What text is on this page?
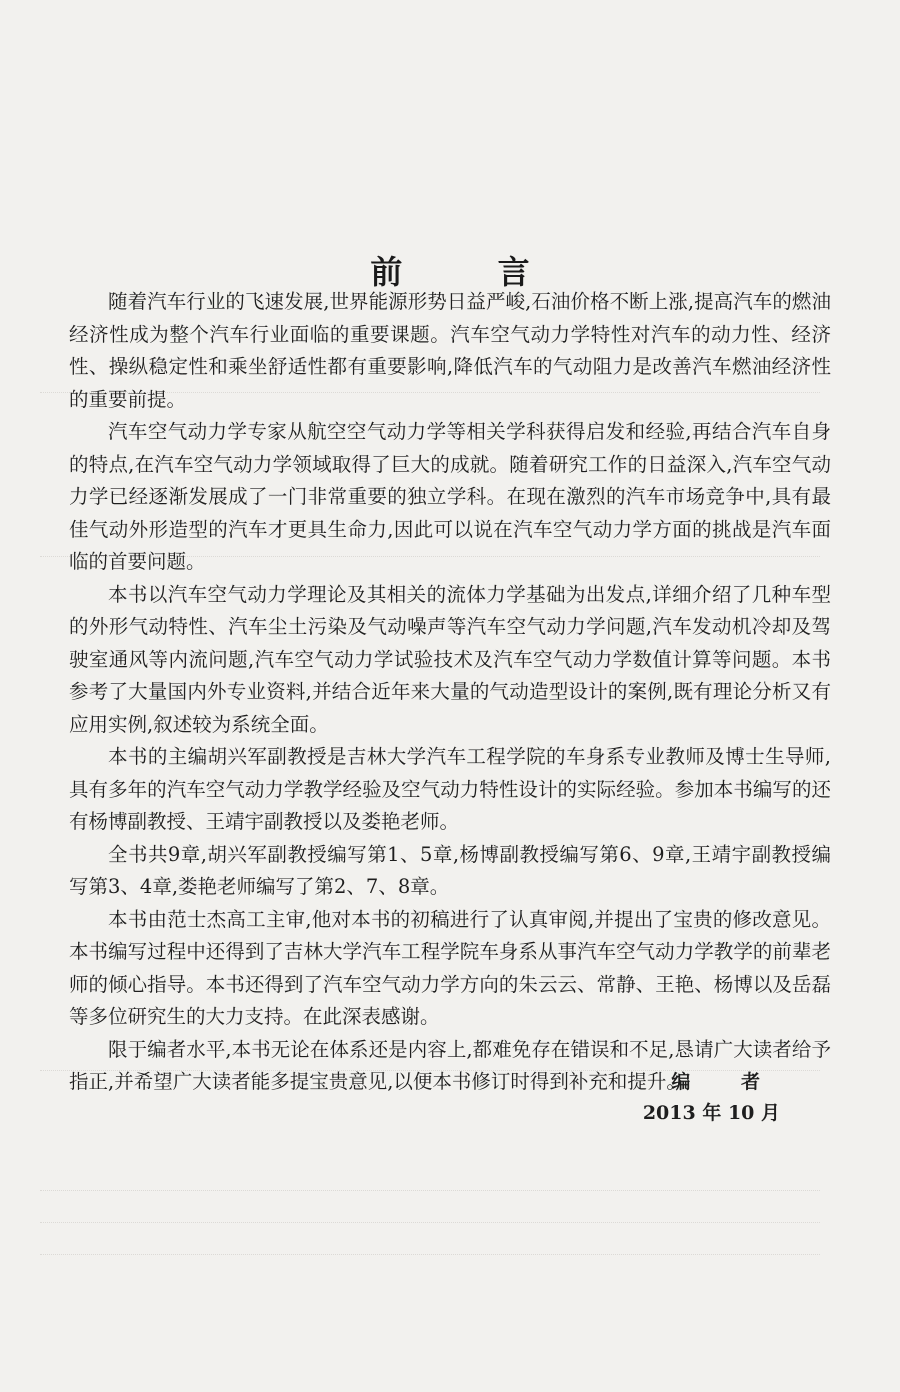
前 言

随着汽车行业的飞速发展,世界能源形势日益严峻,石油价格不断上涨,提高汽车的燃油经济性成为整个汽车行业面临的重要课题。汽车空气动力学特性对汽车的动力性、经济性、操纵稳定性和乘坐舒适性都有重要影响,降低汽车的气动阻力是改善汽车燃油经济性的重要前提。

汽车空气动力学专家从航空空气动力学等相关学科获得启发和经验,再结合汽车自身的特点,在汽车空气动力学领域取得了巨大的成就。随着研究工作的日益深入,汽车空气动力学已经逐渐发展成了一门非常重要的独立学科。在现在激烈的汽车市场竞争中,具有最佳气动外形造型的汽车才更具生命力,因此可以说在汽车空气动力学方面的挑战是汽车面临的首要问题。

本书以汽车空气动力学理论及其相关的流体力学基础为出发点,详细介绍了几种车型的外形气动特性、汽车尘土污染及气动噪声等汽车空气动力学问题,汽车发动机冷却及驾驶室通风等内流问题,汽车空气动力学试验技术及汽车空气动力学数值计算等问题。本书参考了大量国内外专业资料,并结合近年来大量的气动造型设计的案例,既有理论分析又有应用实例,叙述较为系统全面。

本书的主编胡兴军副教授是吉林大学汽车工程学院的车身系专业教师及博士生导师,具有多年的汽车空气动力学教学经验及空气动力特性设计的实际经验。参加本书编写的还有杨博副教授、王靖宇副教授以及娄艳老师。

全书共9章,胡兴军副教授编写第1、5章,杨博副教授编写第6、9章,王靖宇副教授编写第3、4章,娄艳老师编写了第2、7、8章。

本书由范士杰高工主审,他对本书的初稿进行了认真审阅,并提出了宝贵的修改意见。本书编写过程中还得到了吉林大学汽车工程学院车身系从事汽车空气动力学教学的前辈老师的倾心指导。本书还得到了汽车空气动力学方向的朱云云、常静、王艳、杨博以及岳磊等多位研究生的大力支持。在此深表感谢。

限于编者水平,本书无论在体系还是内容上,都难免存在错误和不足,恳请广大读者给予指正,并希望广大读者能多提宝贵意见,以便本书修订时得到补充和提升。

编 者
2013 年 10 月
